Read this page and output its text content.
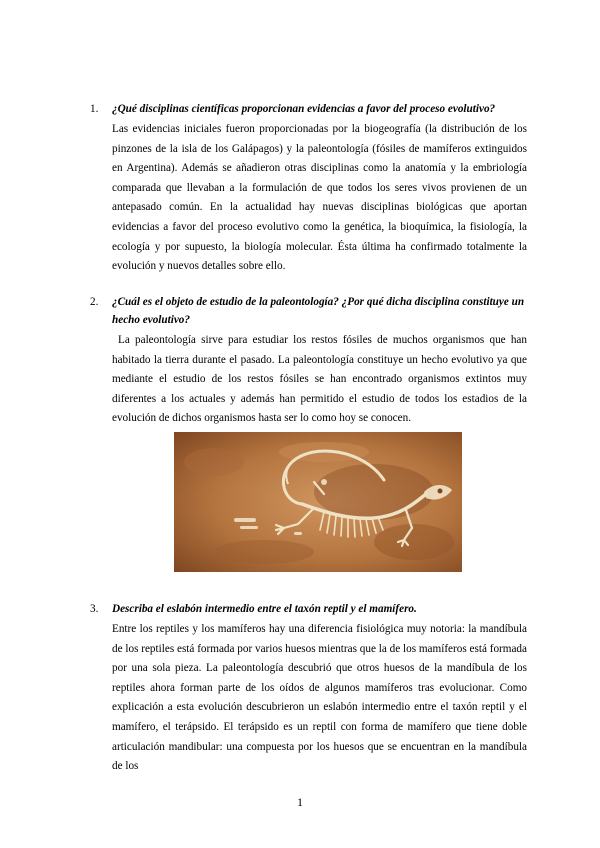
1.	¿Qué disciplinas científicas proporcionan evidencias a favor del proceso evolutivo?
Las evidencias iniciales fueron proporcionadas por la biogeografía (la distribución de los pinzones de la isla de los Galápagos) y la paleontología (fósiles de mamíferos extinguidos en Argentina). Además se añadieron otras disciplinas como la anatomía y la embriología comparada que llevaban a la formulación de que todos los seres vivos provienen de un antepasado común. En la actualidad hay nuevas disciplinas biológicas que aportan evidencias a favor del proceso evolutivo como la genética, la bioquímica, la fisiología, la ecología y por supuesto, la biología molecular. Ésta última ha confirmado totalmente la evolución y nuevos detalles sobre ello.
2.	¿Cuál es el objeto de estudio de la paleontología? ¿Por qué dicha disciplina constituye un hecho evolutivo?
La paleontología sirve para estudiar los restos fósiles de muchos organismos que han habitado la tierra durante el pasado. La paleontología constituye un hecho evolutivo ya que mediante el estudio de los restos fósiles se han encontrado organismos extintos muy diferentes a los actuales y además han permitido el estudio de todos los estadios de la evolución de dichos organismos hasta ser lo como hoy se conocen.
3.	Describa el eslabón intermedio entre el taxón reptil y el mamífero.
Entre los reptiles y los mamíferos hay una diferencia fisiológica muy notoria: la mandíbula de los reptiles está formada por varios huesos mientras que la de los mamíferos está formada por una sola pieza. La paleontología descubrió que otros huesos de la mandíbula de los reptiles ahora forman parte de los oídos de algunos mamíferos tras evolucionar. Como explicación a esta evolución descubrieron un eslabón intermedio entre el taxón reptil y el mamífero, el terápsido. El terápsido es un reptil con forma de mamífero que tiene doble articulación mandibular: una compuesta por los huesos que se encuentran en la mandíbula de los
1
